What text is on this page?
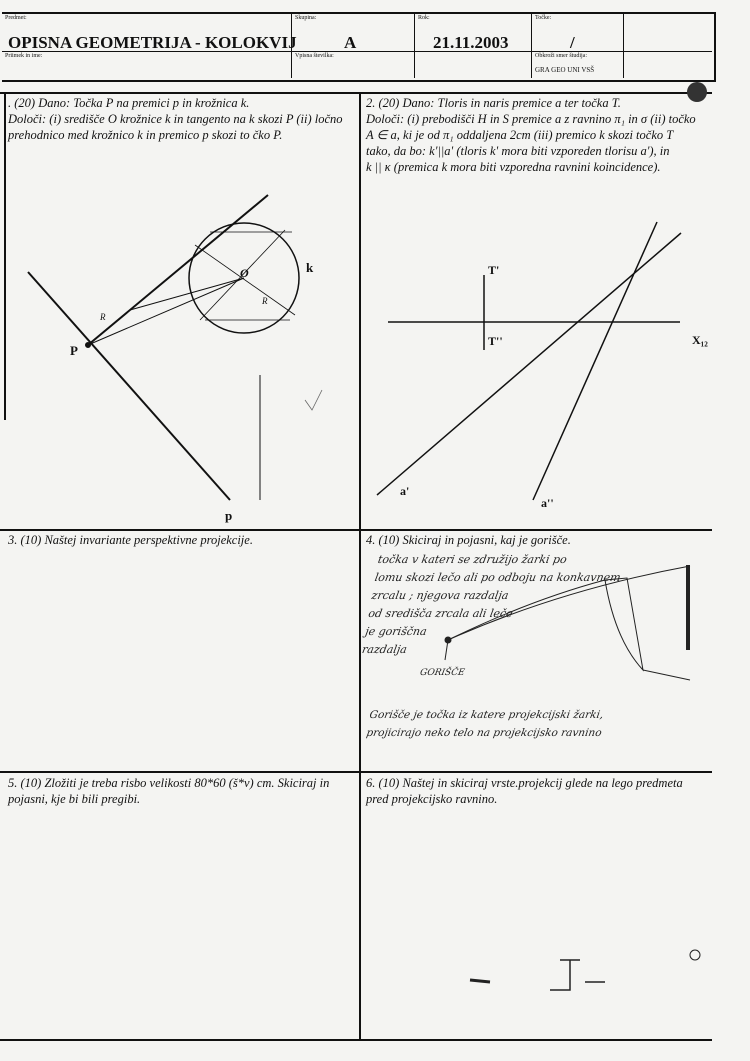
Predmet:
OPISNA GEOMETRIJA - KOLOKVIJ
Priimek in ime:
Skupina:
A
Vpisna številka:
Rok:
21.11.2003
Točke:
/
Obkroži smer študija:
GRA GEO UNI VSŠ
. (20) Dano: Točka P na premici p in krožnica k.
Določi: (i) središče O krožnice k in tangento na k skozi P (ii) ločno
prehodnico med krožnico k in premico p skozi to čko P.
2. (20) Dano: Tloris in naris premice a ter točka T.
Določi: (i) prebodišči H in S premice a z ravnino π₁ in σ (ii) točko
A ∈ a, ki je od π₁ oddaljena 2cm (iii) premico k skozi točko T
tako, da bo: k'||a' (tloris k' mora biti vzporeden tlorisu a'), in
k || κ (premica k mora biti vzporedna ravnini koincidence).
3. (10) Naštej invariante perspektivne projekcije.	4. (10) Skiciraj in pojasni, kaj je gorišče.
5. (10) Zložiti je treba risbo velikosti 80*60 (š*v) cm. Skiciraj in
pojasni, kje bi bili pregibi.
6. (10) Naštej in skiciraj vrste.projekcij glede na lego predmeta
pred projekcijsko ravnino.
P
O	k
p
R
R
T'
T''
a'
a''
X₁₂
točka v kateri se združijo žarki po
lomu skozi lečo ali po odboju na konkavnem
zrcalu ; njegova razdalja
od središča zrcala ali leče
je goriščna
razdalja
GORIŠČE
Gorišče je točka iz katere projekcijski žarki,
projicirajo neko telo na projekcijsko ravnino
